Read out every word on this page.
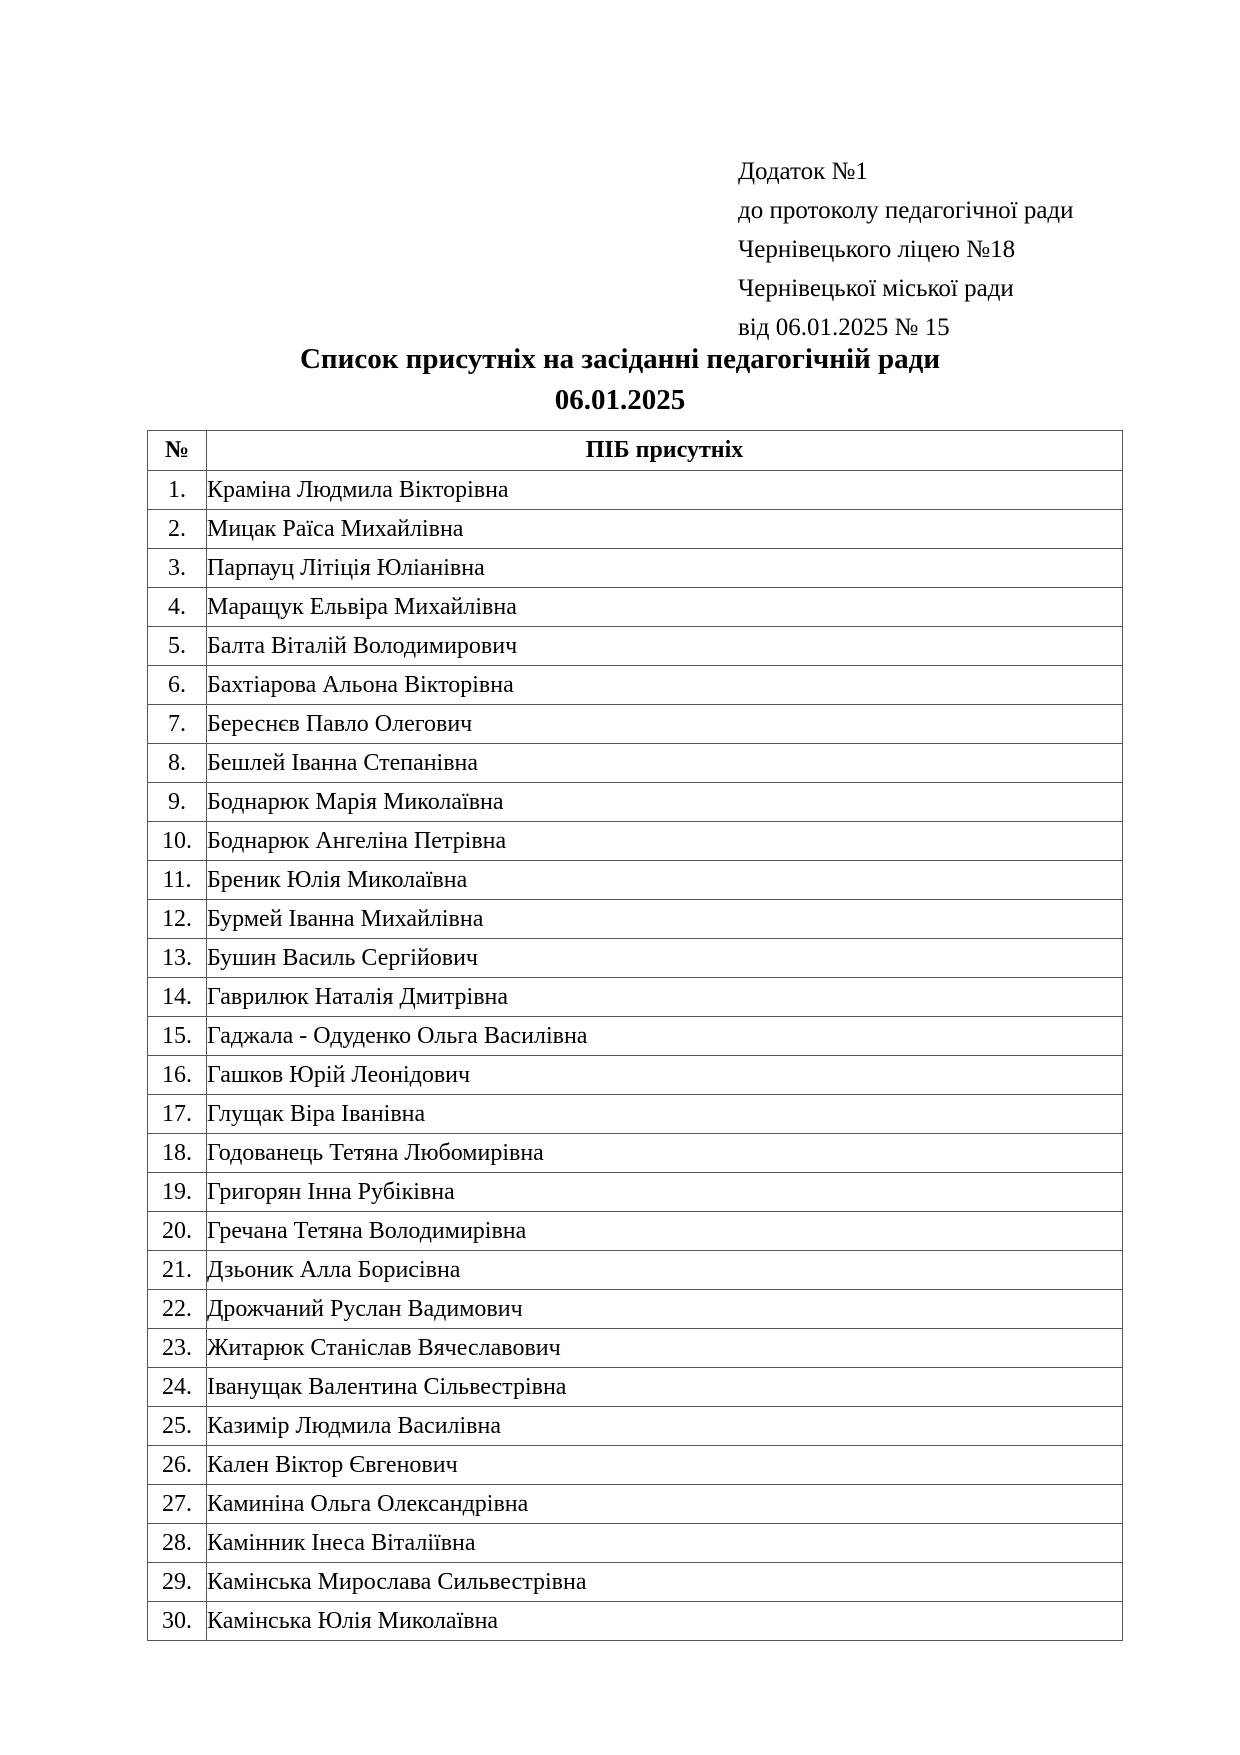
Додаток №1
до протоколу педагогічної ради
Чернівецького ліцею №18
Чернівецької міської ради
від 06.01.2025 № 15
Список присутніх на засіданні педагогічній ради
06.01.2025
№	ПІБ присутніх
1.	Краміна Людмила Вікторівна
2.	Мицак Раїса Михайлівна
3.	Парпауц Літіція Юліанівна
4.	Маращук Ельвіра Михайлівна
5.	Балта Віталій Володимирович
6.	Бахтіарова Альона Вікторівна
7.	Береснєв Павло Олегович
8.	Бешлей Іванна Степанівна
9.	Боднарюк Марія Миколаївна
10.	Боднарюк Ангеліна Петрівна
11.	Бреник Юлія Миколаївна
12.	Бурмей Іванна Михайлівна
13.	Бушин Василь Сергійович
14.	Гаврилюк Наталія Дмитрівна
15.	Гаджала - Одуденко Ольга Василівна
16.	Гашков Юрій Леонідович
17.	Глущак Віра Іванівна
18.	Годованець Тетяна Любомирівна
19.	Григорян Інна Рубіківна
20.	Гречана Тетяна Володимирівна
21.	Дзьоник Алла Борисівна
22.	Дрожчаний Руслан Вадимович
23.	Житарюк Станіслав Вячеславович
24.	Іванущак Валентина Сільвестрівна
25.	Казимір Людмила Василівна
26.	Кален Віктор Євгенович
27.	Каминіна Ольга Олександрівна
28.	Камінник Інеса Віталіївна
29.	Камінська Мирослава Сильвестрівна
30.	Камінська Юлія Миколаївна
